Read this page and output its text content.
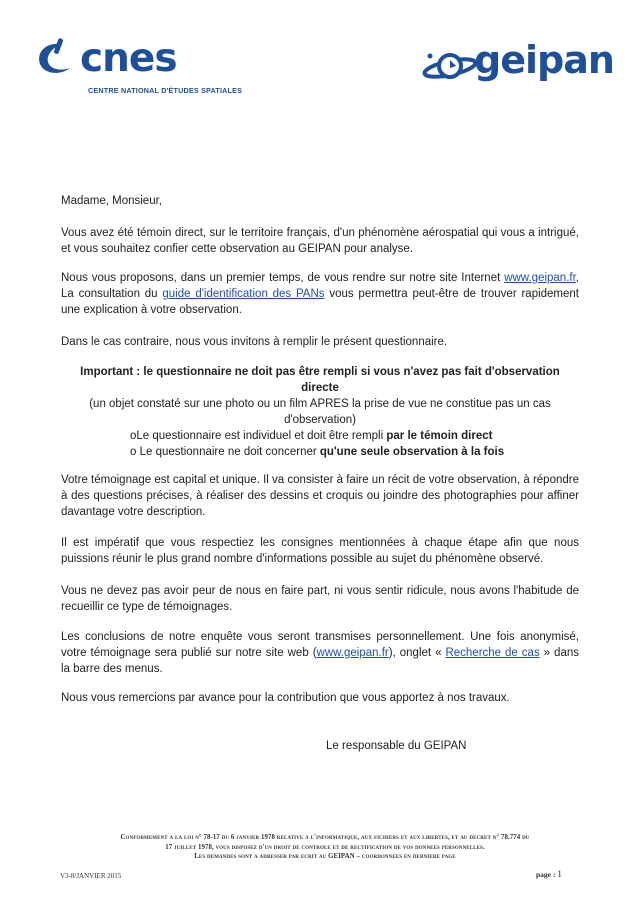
cnes
CENTRE NATIONAL D'ÉTUDES SPATIALES
geipan
Madame, Monsieur,
Vous avez été témoin direct, sur le territoire français, d'un phénomène aérospatial qui vous a intrigué, et vous souhaitez confier cette observation au GEIPAN pour analyse.
Nous vous proposons, dans un premier temps, de vous rendre sur notre site Internet www.geipan.fr, La consultation du guide d'identification des PANs vous permettra peut-être de trouver rapidement une explication à votre observation.
Dans le cas contraire, nous vous invitons à remplir le présent questionnaire.
Important : le questionnaire ne doit pas être rempli si vous n'avez pas fait d'observation directe
(un objet constaté sur une photo ou un film APRES la prise de vue ne constitue pas un cas d'observation)
oLe questionnaire est individuel et doit être rempli par le témoin direct
o Le questionnaire ne doit concerner qu'une seule observation à la fois
Votre témoignage est capital et unique. Il va consister à faire un récit de votre observation, à répondre à des questions précises, à réaliser des dessins et croquis ou joindre des photographies pour affiner davantage votre description.
Il est impératif que vous respectiez les consignes mentionnées à chaque étape afin que nous puissions réunir le plus grand nombre d'informations possible au sujet du phénomène observé.
Vous ne devez pas avoir peur de nous en faire part, ni vous sentir ridicule, nous avons l'habitude de recueillir ce type de témoignages.
Les conclusions de notre enquête vous seront transmises personnellement. Une fois anonymisé, votre témoignage sera publié sur notre site web (www.geipan.fr), onglet « Recherche de cas » dans la barre des menus.
Nous vous remercions par avance pour la contribution que vous apportez à nos travaux.
Le responsable du GEIPAN
Conformement a la loi n° 78-17 du 6 janvier 1978 relative a l'informatique, aux fichiers et aux libertes, et au decret n° 78.774 du
17 juillet 1978, vous disposez d'un droit de controle et de rectification de vos donnees personnelles.
Les demandes sont a adresser par ecrit au GEIPAN – coordonnees en derniere page
V3-8/JANVIER 2015	page : 1
